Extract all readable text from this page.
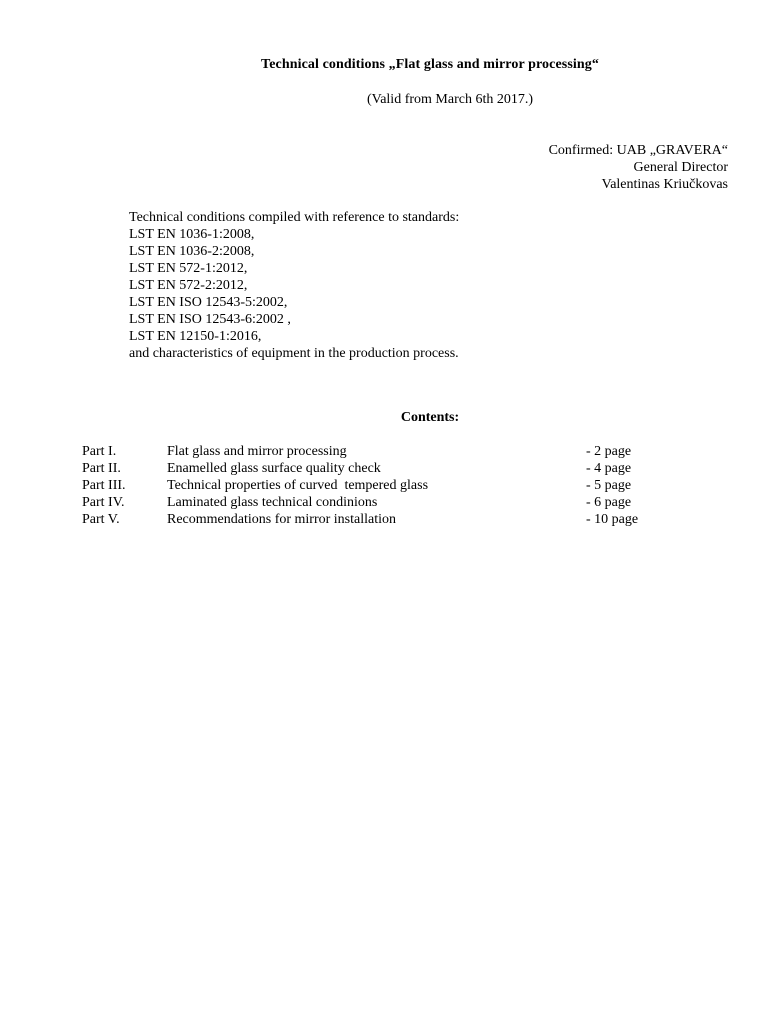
Technical conditions „Flat glass and mirror processing“
(Valid from March 6th 2017.)
Confirmed: UAB „GRAVERA“
General Director
Valentinas Kriučkovas
Technical conditions compiled with reference to standards:
LST EN 1036-1:2008,
LST EN 1036-2:2008,
LST EN 572-1:2012,
LST EN 572-2:2012,
LST EN ISO 12543-5:2002,
LST EN ISO 12543-6:2002 ,
LST EN 12150-1:2016,
and characteristics of equipment in the production process.
Contents:
Part I.	Flat glass and mirror processing	- 2 page
Part II.	Enamelled glass surface quality check	- 4 page
Part III.	Technical properties of curved  tempered glass	- 5 page
Part IV.	Laminated glass technical condinions	- 6 page
Part V.	Recommendations for mirror installation	- 10 page
